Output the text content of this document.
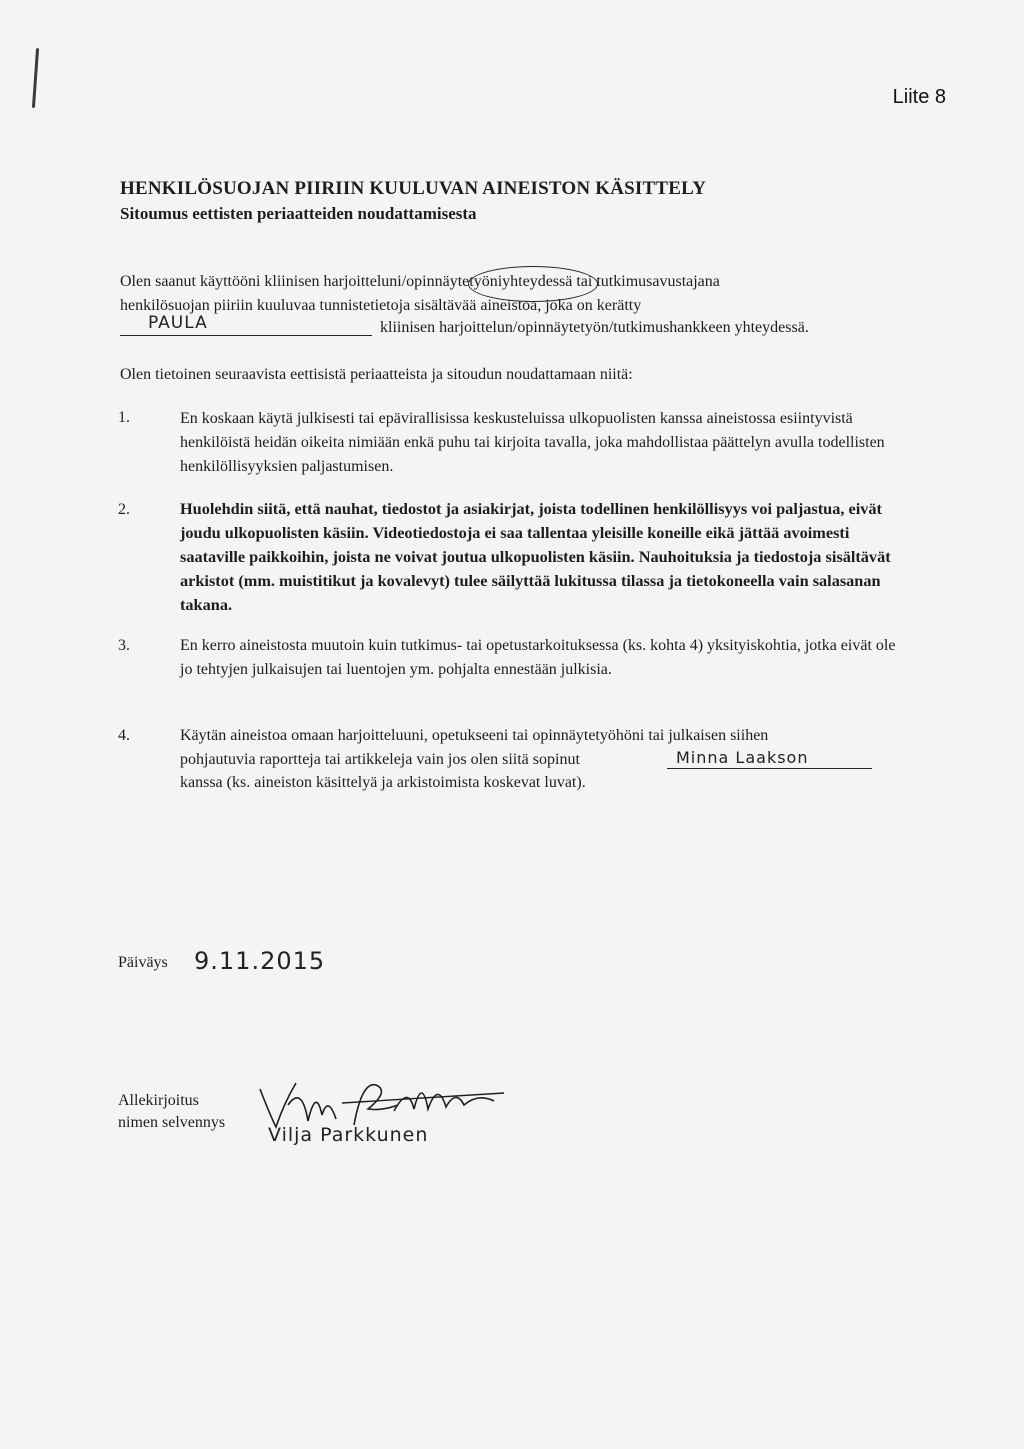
Liite 8
HENKILÖSUOJAN PIIRIIN KUULUVAN AINEISTON KÄSITTELY
Sitoumus eettisten periaatteiden noudattamisesta
Olen saanut käyttööni kliinisen harjoitteluni/opinnäytetyöniyhteydessä tai tutkimusavustajana
henkilösuojan piiriin kuuluvaa tunnistetietoja sisältävää aineistoa, joka on kerätty
PAULA	kliinisen harjoittelun/opinnäytetyön/tutkimushankkeen yhteydessä.
Olen tietoinen seuraavista eettisistä periaatteista ja sitoudun noudattamaan niitä:
1.	En koskaan käytä julkisesti tai epävirallisissa keskusteluissa ulkopuolisten kanssa aineistossa esiintyvistä henkilöistä heidän oikeita nimiään enkä puhu tai kirjoita tavalla, joka mahdollistaa päättelyn avulla todellisten henkilöllisyyksien paljastumisen.
2.	Huolehdin siitä, että nauhat, tiedostot ja asiakirjat, joista todellinen henkilöllisyys voi paljastua, eivät joudu ulkopuolisten käsiin. Videotiedostoja ei saa tallentaa yleisille koneille eikä jättää avoimesti saataville paikkoihin, joista ne voivat joutua ulkopuolisten käsiin. Nauhoituksia ja tiedostoja sisältävät arkistot (mm. muistitikut ja kovalevyt) tulee säilyttää lukitussa tilassa ja tietokoneella vain salasanan takana.
3.	En kerro aineistosta muutoin kuin tutkimus- tai opetustarkoituksessa (ks. kohta 4) yksityiskohtia, jotka eivät ole jo tehtyjen julkaisujen tai luentojen ym. pohjalta ennestään julkisia.
4.	Käytän aineistoa omaan harjoitteluuni, opetukseeni tai opinnäytetyöhöni tai julkaisen siihen
pohjautuvia raportteja tai artikkeleja vain jos olen siitä sopinut	Minna Laakson
kanssa (ks. aineiston käsittelyä ja arkistoimista koskevat luvat).
Päiväys 9.11.2015
Allekirjoitus
nimen selvennys
Vilja Parkkunen
